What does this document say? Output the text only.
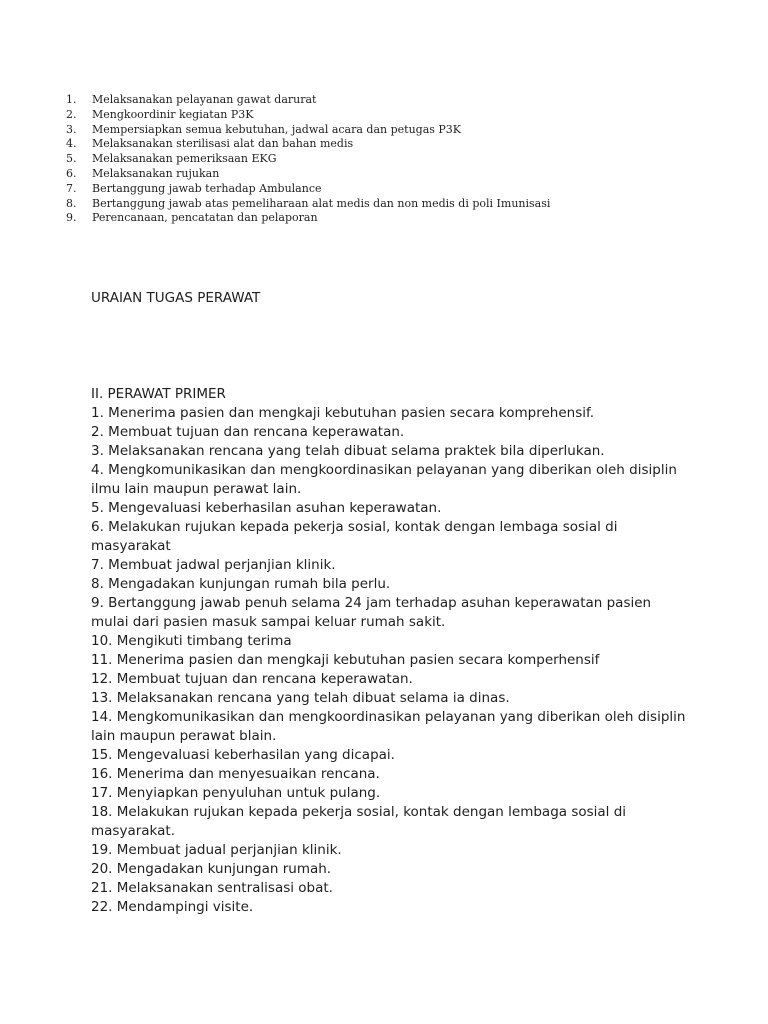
1.	Melaksanakan pelayanan gawat darurat
2.	Mengkoordinir kegiatan P3K
3.	Mempersiapkan semua kebutuhan, jadwal acara dan petugas P3K
4.	Melaksanakan sterilisasi alat dan bahan medis
5.	Melaksanakan pemeriksaan EKG
6.	Melaksanakan rujukan
7.	Bertanggung jawab terhadap Ambulance
8.	Bertanggung jawab atas pemeliharaan alat medis dan non medis di poli Imunisasi
9.	Perencanaan, pencatatan dan pelaporan
URAIAN TUGAS PERAWAT

II. PERAWAT PRIMER

1. Menerima pasien dan mengkaji kebutuhan pasien secara komprehensif.
2. Membuat tujuan dan rencana keperawatan.
3. Melaksanakan rencana yang telah dibuat selama praktek bila diperlukan.
4. Mengkomunikasikan dan mengkoordinasikan pelayanan yang diberikan oleh disiplin ilmu lain maupun perawat lain.
5. Mengevaluasi keberhasilan asuhan keperawatan.
6. Melakukan rujukan kepada pekerja sosial, kontak dengan lembaga sosial di masyarakat
7. Membuat jadwal perjanjian klinik.
8. Mengadakan kunjungan rumah bila perlu.
9. Bertanggung jawab penuh selama 24 jam terhadap asuhan keperawatan pasien mulai dari pasien masuk sampai keluar rumah sakit.
10. Mengikuti timbang terima
11. Menerima pasien dan mengkaji kebutuhan pasien secara komperhensif
12. Membuat tujuan dan rencana keperawatan.
13. Melaksanakan rencana yang telah dibuat selama ia dinas.
14. Mengkomunikasikan dan mengkoordinasikan pelayanan yang diberikan oleh disiplin lain maupun perawat blain.
15. Mengevaluasi keberhasilan yang dicapai.
16. Menerima dan menyesuaikan rencana.
17. Menyiapkan penyuluhan untuk pulang.
18. Melakukan rujukan kepada pekerja sosial, kontak dengan lembaga sosial di masyarakat.
19. Membuat jadual perjanjian klinik.
20. Mengadakan kunjungan rumah.
21. Melaksanakan sentralisasi obat.
22. Mendampingi visite.
